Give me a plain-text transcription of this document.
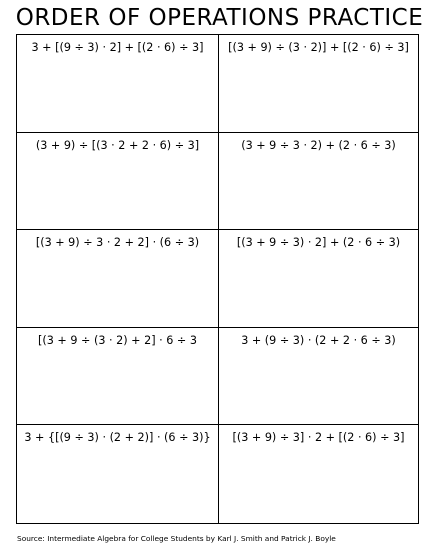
ORDER OF OPERATIONS PRACTICE
3 + [(9 ÷ 3) · 2] + [(2 · 6) ÷ 3]	[(3 + 9) ÷ (3 · 2)] + [(2 · 6) ÷ 3]
(3 + 9) ÷ [(3 · 2 + 2 · 6) ÷ 3]	(3 + 9 ÷ 3 · 2) + (2 · 6 ÷ 3)
[(3 + 9) ÷ 3 · 2 + 2] · (6 ÷ 3)	[(3 + 9 ÷ 3) · 2] + (2 · 6 ÷ 3)
[(3 + 9 ÷ (3 · 2) + 2] · 6 ÷ 3	3 + (9 ÷ 3) · (2 + 2 · 6 ÷ 3)
3 + {[(9 ÷ 3) · (2 + 2)] · (6 ÷ 3)}	[(3 + 9) ÷ 3] · 2 + [(2 · 6) ÷ 3]
Source: Intermediate Algebra for College Students by Karl J. Smith and Patrick J. Boyle
